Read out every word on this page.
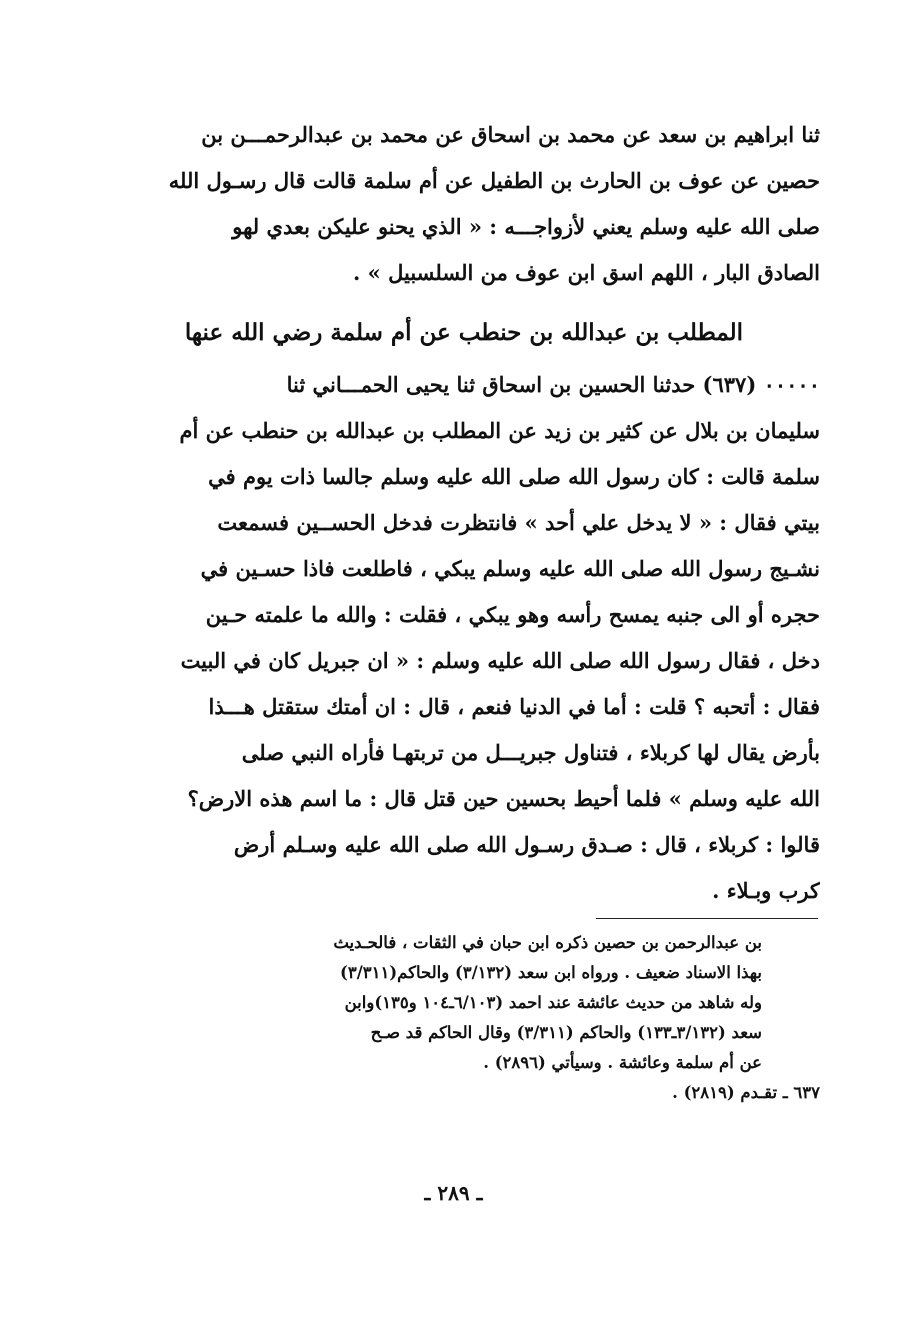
ثنا ابراهيم بن سعد عن محمد بن اسحاق عن محمد بن عبدالرحمـــن بن
حصين عن عوف بن الحارث بن الطفيل عن أم سلمة قالت قال رسـول الله
صلى الله عليه وسلم يعني لأزواجـــه : « الذي يحنو عليكن بعدي لهو
الصادق البار ، اللهم اسق ابن عوف من السلسبيل » .
المطلب بن عبدالله بن حنطب عن أم سلمة رضي الله عنها
٠٠٠٠٠ (٦٣٧) حدثنا الحسين بن اسحاق ثنا يحيى الحمـــاني ثنا
سليمان بن بلال عن كثير بن زيد عن المطلب بن عبدالله بن حنطب عن أم
سلمة قالت : كان رسول الله صلى الله عليه وسلم جالسا ذات يوم في
بيتي فقال : « لا يدخل علي أحد » فانتظرت فدخل الحســين فسمعت
نشـيج رسول الله صلى الله عليه وسلم يبكي ، فاطلعت فاذا حسـين في
حجره أو الى جنبه يمسح رأسه وهو يبكي ، فقلت : والله ما علمته حـين
دخل ، فقال رسول الله صلى الله عليه وسلم : « ان جبريل كان في البيت
فقال : أتحبه ؟ قلت : أما في الدنيا فنعم ، قال : ان أمتك ستقتل هـــذا
بأرض يقال لها كربلاء ، فتناول جبريـــل من تربتهـا فأراه النبي صلى
الله عليه وسلم » فلما أحيط بحسين حين قتل قال : ما اسم هذه الارض؟
قالوا : كربلاء ، قال : صـدق رسـول الله صلى الله عليه وسـلم أرض
كرب وبـلاء .
بن عبدالرحمن بن حصين ذكره ابن حبان في الثقات ، فالحـديث
بهذا الاسناد ضعيف . ورواه ابن سعد (٣/١٣٢) والحاكم(٣/٣١١)
وله شاهد من حديث عائشة عند احمد (٦/١٠٣ـ١٠٤ و١٣٥)وابن
سعد (٣/١٣٢ـ١٣٣) والحاكم (٣/٣١١) وقال الحاكم قد صـح
عن أم سلمة وعائشة . وسيأتي (٢٨٩٦) .
٦٣٧ ـ تقـدم (٢٨١٩) .
ـ ٢٨٩ ـ
